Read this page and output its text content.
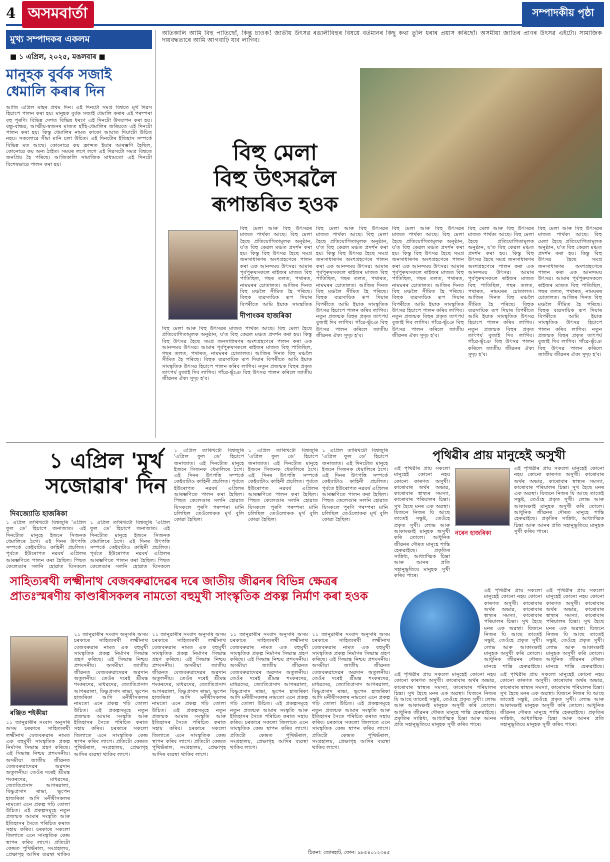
4 অসমবাৰ্তা	সম্পাদকীয় পৃষ্ঠা
মুখ্য সম্পাদকৰ একলম
■ ১ এপ্ৰিল, ২০২৫, মঙলবাৰ ■
মানুহক বুৰ্বক সজাই ধেমালি কৰাৰ দিন
আজি এপ্ৰিল মাহৰ প্ৰথম দিন। এই দিনটো সমগ্ৰ বিশ্বতে মূৰ্খ দিৱস হিচাপে পালন কৰা হয়। মানুহক বুৰ্বক সজাই ধেমালি কৰাৰ এই পৰম্পৰা বহু পুৰণি। বিভিন্ন দেশত বিভিন্ন ধৰণে এই দিনটো উদযাপন কৰা হয়। বন্ধু-বান্ধৱ, আত্মীয়-স্বজনৰ মাজত হাঁহি-ধেমালিৰ জৰিয়তে এই দিনটো পালন কৰা হয়। কিন্তু ধেমালিৰ নামত কাকো আঘাত দিয়াটো উচিত নহয়। সকলোৱে সীমা মানি চলা উচিত। এই দিনটোৰ ইতিহাস সম্পৰ্কে বিভিন্ন মত আছে। কোনোৱে কয় ফ্ৰান্সত ইয়াৰ আৰম্ভণি হৈছিল, কোনোৱে কয় অন্য ঠাইত। সময়ৰ লগে লগে এই দিৱসটো সমগ্ৰ বিশ্বতে জনপ্ৰিয় হৈ পৰিছে। আজিকালি সামাজিক মাধ্যমতো এই দিনটো বিশেষভাৱে পালন কৰা হয়।
অতিকালি আমি বিহু পাতিছোঁ, কিন্তু চাওক! জাতীয় উৎসৱ ৰঙালীবিহুৰ বিষয়ে বৰ্তমানৰ কিছু কথা তুলি ধৰাৰ প্ৰয়াস কৰিছোঁ। অসমীয়া জাতিৰ প্ৰাণৰ উৎসৱ এইটো। সামাজিক দায়বদ্ধতাৰে আমি আগবাঢ়ি যাব লাগিব।
বিহু মেলা
বিহু উৎসৱলৈ
ৰূপান্তৰিত হওক
দীপাংকৰ হাজৰিকা
বিহু মেলা আৰু বিহু উৎসৱৰ মাজত পাৰ্থক্য আছে। বিহু মেলা হৈছে প্ৰতিযোগিতামূলক অনুষ্ঠান, য'ত বিহু কেৱল মঞ্চত প্ৰদৰ্শন কৰা হয়। কিন্তু বিহু উৎসৱ হৈছে সমগ্ৰ জনসাধাৰণৰ অংশগ্ৰহণেৰে পালন কৰা এক আনন্দময় উৎসৱ। আমাৰ পূৰ্বপুৰুষসকলে ৰাইজৰ মাজত বিহু পাতিছিল, গছৰ তলত, পথাৰত, নামঘৰৰ চোতালত। আজিৰ দিনত বিহু মঞ্চলৈ সীমিত হৈ পৰিছে। বিহুক ব্যৱসায়িক ৰূপ দিয়াৰ বিপৰীতে আমি ইয়াক সাংস্কৃতিক
বিহু মেলা আৰু বিহু উৎসৱৰ মাজত পাৰ্থক্য আছে। বিহু মেলা হৈছে প্ৰতিযোগিতামূলক অনুষ্ঠান, য'ত বিহু কেৱল মঞ্চত প্ৰদৰ্শন কৰা হয়। কিন্তু বিহু উৎসৱ হৈছে সমগ্ৰ জনসাধাৰণৰ অংশগ্ৰহণেৰে পালন কৰা এক আনন্দময় উৎসৱ। আমাৰ পূৰ্বপুৰুষসকলে ৰাইজৰ মাজত বিহু পাতিছিল, গছৰ তলত, পথাৰত, নামঘৰৰ চোতালত। আজিৰ দিনত বিহু মঞ্চলৈ সীমিত হৈ পৰিছে। বিহুক ব্যৱসায়িক ৰূপ দিয়াৰ বিপৰীতে আমি ইয়াক সাংস্কৃতিক উৎসৱ হিচাপে পালন কৰিব লাগিব। নতুন প্ৰজন্মক বিহুৰ প্ৰকৃত তাৎপৰ্য বুজাই দিব লাগিব। গাঁৱে-ভূঁঞে বিহু উৎসৱ পালন কৰিলে জাতীয় জীৱনৰ ঐক্য সুদৃঢ় হ'ব।
বিহু মেলা আৰু বিহু উৎসৱৰ মাজত পাৰ্থক্য আছে। বিহু মেলা হৈছে প্ৰতিযোগিতামূলক অনুষ্ঠান, য'ত বিহু কেৱল মঞ্চত প্ৰদৰ্শন কৰা হয়। কিন্তু বিহু উৎসৱ হৈছে সমগ্ৰ জনসাধাৰণৰ অংশগ্ৰহণেৰে পালন কৰা এক আনন্দময় উৎসৱ। আমাৰ পূৰ্বপুৰুষসকলে ৰাইজৰ মাজত বিহু পাতিছিল, গছৰ তলত, পথাৰত, নামঘৰৰ চোতালত। আজিৰ দিনত বিহু মঞ্চলৈ সীমিত হৈ পৰিছে। বিহুক ব্যৱসায়িক ৰূপ দিয়াৰ বিপৰীতে আমি ইয়াক সাংস্কৃতিক উৎসৱ হিচাপে পালন কৰিব লাগিব। নতুন প্ৰজন্মক বিহুৰ প্ৰকৃত তাৎপৰ্য বুজাই দিব লাগিব। গাঁৱে-ভূঁঞে বিহু উৎসৱ পালন কৰিলে জাতীয় জীৱনৰ ঐক্য সুদৃঢ় হ'ব।
বিহু মেলা আৰু বিহু উৎসৱৰ মাজত পাৰ্থক্য আছে। বিহু মেলা হৈছে প্ৰতিযোগিতামূলক অনুষ্ঠান, য'ত বিহু কেৱল মঞ্চত প্ৰদৰ্শন কৰা হয়। কিন্তু বিহু উৎসৱ হৈছে সমগ্ৰ জনসাধাৰণৰ অংশগ্ৰহণেৰে পালন কৰা এক আনন্দময় উৎসৱ। আমাৰ পূৰ্বপুৰুষসকলে ৰাইজৰ মাজত বিহু পাতিছিল, গছৰ তলত, পথাৰত, নামঘৰৰ চোতালত। আজিৰ দিনত বিহু মঞ্চলৈ সীমিত হৈ পৰিছে। বিহুক ব্যৱসায়িক ৰূপ দিয়াৰ বিপৰীতে আমি ইয়াক সাংস্কৃতিক উৎসৱ হিচাপে পালন কৰিব লাগিব। নতুন প্ৰজন্মক বিহুৰ প্ৰকৃত তাৎপৰ্য বুজাই দিব লাগিব। গাঁৱে-ভূঁঞে বিহু উৎসৱ পালন কৰিলে জাতীয় জীৱনৰ ঐক্য সুদৃঢ় হ'ব।
বিহু মেলা আৰু বিহু উৎসৱৰ মাজত পাৰ্থক্য আছে। বিহু মেলা হৈছে প্ৰতিযোগিতামূলক অনুষ্ঠান, য'ত বিহু কেৱল মঞ্চত প্ৰদৰ্শন কৰা হয়। কিন্তু বিহু উৎসৱ হৈছে সমগ্ৰ জনসাধাৰণৰ অংশগ্ৰহণেৰে পালন কৰা এক আনন্দময় উৎসৱ। আমাৰ পূৰ্বপুৰুষসকলে ৰাইজৰ মাজত বিহু পাতিছিল, গছৰ তলত, পথাৰত, নামঘৰৰ চোতালত। আজিৰ দিনত বিহু মঞ্চলৈ সীমিত হৈ পৰিছে। বিহুক ব্যৱসায়িক ৰূপ দিয়াৰ বিপৰীতে আমি ইয়াক সাংস্কৃতিক উৎসৱ হিচাপে পালন কৰিব লাগিব। নতুন প্ৰজন্মক বিহুৰ প্ৰকৃত তাৎপৰ্য বুজাই দিব লাগিব। গাঁৱে-ভূঁঞে বিহু উৎসৱ পালন কৰিলে জাতীয় জীৱনৰ ঐক্য সুদৃঢ় হ'ব।
বিহু মেলা আৰু বিহু উৎসৱৰ মাজত পাৰ্থক্য আছে। বিহু মেলা হৈছে প্ৰতিযোগিতামূলক অনুষ্ঠান, য'ত বিহু কেৱল মঞ্চত প্ৰদৰ্শন কৰা হয়। কিন্তু বিহু উৎসৱ হৈছে সমগ্ৰ জনসাধাৰণৰ অংশগ্ৰহণেৰে পালন কৰা এক আনন্দময় উৎসৱ। আমাৰ পূৰ্বপুৰুষসকলে ৰাইজৰ মাজত বিহু পাতিছিল, গছৰ তলত, পথাৰত, নামঘৰৰ চোতালত। আজিৰ দিনত বিহু মঞ্চলৈ সীমিত হৈ পৰিছে। বিহুক ব্যৱসায়িক ৰূপ দিয়াৰ বিপৰীতে আমি ইয়াক সাংস্কৃতিক উৎসৱ হিচাপে পালন কৰিব লাগিব। নতুন প্ৰজন্মক বিহুৰ প্ৰকৃত তাৎপৰ্য বুজাই দিব লাগিব। গাঁৱে-ভূঁঞে বিহু উৎসৱ পালন কৰিলে জাতীয় জীৱনৰ ঐক্য সুদৃঢ় হ'ব।
১ এপ্ৰিল 'মূৰ্খ
সজোৱাৰ' দিন
দিবজ্যোতি হাজৰিকা
১ এপ্ৰিল তাৰিখটো বিশ্বজুৰি 'এপ্ৰিল ফুল ডে' হিচাপে জনাজাত। এই দিনটোত মানুহে ইজনে সিজনক ধেমালিৰে ঠগে। এই দিনৰ উৎপত্তি সম্পৰ্কে কেইবাটাও কাহিনী প্ৰচলিত। পূৰ্বতে ইউৰোপত নৱবৰ্ষ এপ্ৰিলৰ আৰম্ভণিতে পালন কৰা হৈছিল। পিছত কেলেণ্ডাৰ সলনি হোৱাত যিসকলে
১ এপ্ৰিল তাৰিখটো বিশ্বজুৰি 'এপ্ৰিল ফুল ডে' হিচাপে জনাজাত। এই দিনটোত মানুহে ইজনে সিজনক ধেমালিৰে ঠগে। এই দিনৰ উৎপত্তি সম্পৰ্কে কেইবাটাও কাহিনী প্ৰচলিত। পূৰ্বতে ইউৰোপত নৱবৰ্ষ এপ্ৰিলৰ আৰম্ভণিতে পালন কৰা হৈছিল। পিছত কেলেণ্ডাৰ সলনি হোৱাত যিসকলে
১ এপ্ৰিল তাৰিখটো বিশ্বজুৰি 'এপ্ৰিল ফুল ডে' হিচাপে জনাজাত। এই দিনটোত মানুহে ইজনে সিজনক ধেমালিৰে ঠগে। এই দিনৰ উৎপত্তি সম্পৰ্কে কেইবাটাও কাহিনী প্ৰচলিত। পূৰ্বতে ইউৰোপত নৱবৰ্ষ এপ্ৰিলৰ আৰম্ভণিতে পালন কৰা হৈছিল। পিছত কেলেণ্ডাৰ সলনি হোৱাত যিসকলে পুৰণি পৰম্পৰা মানি চলিছিল তেওঁলোকক মূৰ্খ বুলি কোৱা হৈছিল।
১ এপ্ৰিল তাৰিখটো বিশ্বজুৰি 'এপ্ৰিল ফুল ডে' হিচাপে জনাজাত। এই দিনটোত মানুহে ইজনে সিজনক ধেমালিৰে ঠগে। এই দিনৰ উৎপত্তি সম্পৰ্কে কেইবাটাও কাহিনী প্ৰচলিত। পূৰ্বতে ইউৰোপত নৱবৰ্ষ এপ্ৰিলৰ আৰম্ভণিতে পালন কৰা হৈছিল। পিছত কেলেণ্ডাৰ সলনি হোৱাত যিসকলে পুৰণি পৰম্পৰা মানি চলিছিল তেওঁলোকক মূৰ্খ বুলি কোৱা হৈছিল।
১ এপ্ৰিল তাৰিখটো বিশ্বজুৰি 'এপ্ৰিল ফুল ডে' হিচাপে জনাজাত। এই দিনটোত মানুহে ইজনে সিজনক ধেমালিৰে ঠগে। এই দিনৰ উৎপত্তি সম্পৰ্কে কেইবাটাও কাহিনী প্ৰচলিত। পূৰ্বতে ইউৰোপত নৱবৰ্ষ এপ্ৰিলৰ আৰম্ভণিতে পালন কৰা হৈছিল। পিছত কেলেণ্ডাৰ সলনি হোৱাত যিসকলে পুৰণি পৰম্পৰা মানি চলিছিল তেওঁলোকক মূৰ্খ বুলি কোৱা হৈছিল।
পৃথিৱীৰ প্ৰায় মানুহেই অসুখী
নৰেন হাজৰিকা
এই পৃথিৱীৰ প্ৰায় সকলো মানুহেই কোনো নহয় কোনো কাৰণত অসুখী। কাৰোবাৰ অৰ্থৰ অভাৱ, কাৰোবাৰ স্বাস্থ্যৰ সমস্যা, কাৰোবাৰ পৰিয়ালৰ চিন্তা। সুখ হৈছে মনৰ এক অৱস্থা। যিজনে নিজৰ যি আছে তাতেই সন্তুষ্ট, তেওঁহে প্ৰকৃত সুখী। লোভ আৰু আকাংক্ষাই মানুহক অসুখী কৰি তোলে। আধুনিক জীৱনৰ দৌৰত মানুহে শান্তি হেৰুৱাইছে। প্ৰকৃতিৰ সান্নিধ্য, আধ্যাত্মিক চিন্তা আৰু আনৰ প্ৰতি সহানুভূতিয়ে মানুহক সুখী কৰিব পাৰে।
এই পৃথিৱীৰ প্ৰায় সকলো মানুহেই কোনো নহয় কোনো কাৰণত অসুখী। কাৰোবাৰ অৰ্থৰ অভাৱ, কাৰোবাৰ স্বাস্থ্যৰ সমস্যা, কাৰোবাৰ পৰিয়ালৰ চিন্তা। সুখ হৈছে মনৰ এক অৱস্থা। যিজনে নিজৰ যি আছে তাতেই সন্তুষ্ট, তেওঁহে প্ৰকৃত সুখী। লোভ আৰু আকাংক্ষাই মানুহক অসুখী কৰি তোলে। আধুনিক জীৱনৰ দৌৰত মানুহে শান্তি হেৰুৱাইছে। প্ৰকৃতিৰ সান্নিধ্য, আধ্যাত্মিক চিন্তা আৰু আনৰ প্ৰতি সহানুভূতিয়ে মানুহক সুখী কৰিব পাৰে।
এই পৃথিৱীৰ প্ৰায় সকলো মানুহেই কোনো নহয় কোনো কাৰণত অসুখী। কাৰোবাৰ অৰ্থৰ অভাৱ, কাৰোবাৰ স্বাস্থ্যৰ সমস্যা, কাৰোবাৰ পৰিয়ালৰ চিন্তা। সুখ হৈছে মনৰ এক অৱস্থা। যিজনে নিজৰ যি আছে তাতেই সন্তুষ্ট, তেওঁহে প্ৰকৃত সুখী। লোভ আৰু আকাংক্ষাই মানুহক অসুখী কৰি তোলে। আধুনিক জীৱনৰ দৌৰত মানুহে শান্তি হেৰুৱাইছে।
এই পৃথিৱীৰ প্ৰায় সকলো মানুহেই কোনো নহয় কোনো কাৰণত অসুখী। কাৰোবাৰ অৰ্থৰ অভাৱ, কাৰোবাৰ স্বাস্থ্যৰ সমস্যা, কাৰোবাৰ পৰিয়ালৰ চিন্তা। সুখ হৈছে মনৰ এক অৱস্থা। যিজনে নিজৰ যি আছে তাতেই সন্তুষ্ট, তেওঁহে প্ৰকৃত সুখী। লোভ আৰু আকাংক্ষাই মানুহক অসুখী কৰি তোলে। আধুনিক জীৱনৰ দৌৰত মানুহে শান্তি হেৰুৱাইছে।
এই পৃথিৱীৰ প্ৰায় সকলো মানুহেই কোনো নহয় কোনো কাৰণত অসুখী। কাৰোবাৰ অৰ্থৰ অভাৱ, কাৰোবাৰ স্বাস্থ্যৰ সমস্যা, কাৰোবাৰ পৰিয়ালৰ চিন্তা। সুখ হৈছে মনৰ এক অৱস্থা। যিজনে নিজৰ যি আছে তাতেই সন্তুষ্ট, তেওঁহে প্ৰকৃত সুখী। লোভ আৰু আকাংক্ষাই মানুহক অসুখী কৰি তোলে। আধুনিক জীৱনৰ দৌৰত মানুহে শান্তি হেৰুৱাইছে। প্ৰকৃতিৰ সান্নিধ্য, আধ্যাত্মিক চিন্তা আৰু আনৰ প্ৰতি সহানুভূতিয়ে মানুহক সুখী কৰিব পাৰে।
এই পৃথিৱীৰ প্ৰায় সকলো মানুহেই কোনো নহয় কোনো কাৰণত অসুখী। কাৰোবাৰ অৰ্থৰ অভাৱ, কাৰোবাৰ স্বাস্থ্যৰ সমস্যা, কাৰোবাৰ পৰিয়ালৰ চিন্তা। সুখ হৈছে মনৰ এক অৱস্থা। যিজনে নিজৰ যি আছে তাতেই সন্তুষ্ট, তেওঁহে প্ৰকৃত সুখী। লোভ আৰু আকাংক্ষাই মানুহক অসুখী কৰি তোলে। আধুনিক জীৱনৰ দৌৰত মানুহে শান্তি হেৰুৱাইছে। প্ৰকৃতিৰ সান্নিধ্য, আধ্যাত্মিক চিন্তা আৰু আনৰ প্ৰতি সহানুভূতিয়ে মানুহক সুখী কৰিব পাৰে।
সাহিত্যৰথী লক্ষ্মীনাথ বেজবৰুৱাদেৱৰ দৰে জাতীয় জীৱনৰ বিভিন্ন ক্ষেত্ৰৰ প্ৰাতঃস্মৰণীয় কাণ্ডাৰীসকলৰ নামতো বহুমুখী সাংস্কৃতিক প্ৰকল্প নিৰ্মাণ কৰা হওক
ৰঞ্জিত শইকীয়া
১১ জানুৱাৰীৰ সংবাদ অনুসৰি অসম চৰকাৰে সাহিত্যৰথী লক্ষ্মীনাথ বেজবৰুৱাৰ নামত এক বহুমুখী সাংস্কৃতিক প্ৰকল্প নিৰ্মাণৰ সিদ্ধান্ত গ্ৰহণ কৰিছে। এই সিদ্ধান্ত নিশ্চয় প্ৰশংসনীয়। অসমীয়া জাতীয় জীৱনত বেজবৰুৱাদেৱৰ অৱদান অতুলনীয়। তেওঁৰ দৰেই শ্ৰীমন্ত শংকৰদেৱ, মাধৱদেৱ, জ্যোতিপ্ৰসাদ আগৰৱালা, বিষ্ণুপ্ৰসাদ ৰাভা, ভূপেন হাজৰিকা আদি মনীষীসকলৰ নামতো এনে প্ৰকল্প গঢ়ি তোলা উচিত। এই প্ৰকল্পসমূহে নতুন প্ৰজন্মক আমাৰ সংস্কৃতি আৰু ইতিহাসৰ সৈতে পৰিচিত কৰাত সহায় কৰিব। চৰকাৰে সকলো জিলাতে এনে সাংস্কৃতিক কেন্দ্ৰ স্থাপন কৰিব লাগে। প্ৰতিটো কেন্দ্ৰত পুথিভঁৰাল, সংগ্ৰহালয়, প্ৰেক্ষাগৃহ আদিৰ ব্যৱস্থা থাকিব
১১ জানুৱাৰীৰ সংবাদ অনুসৰি অসম চৰকাৰে সাহিত্যৰথী লক্ষ্মীনাথ বেজবৰুৱাৰ নামত এক বহুমুখী সাংস্কৃতিক প্ৰকল্প নিৰ্মাণৰ সিদ্ধান্ত গ্ৰহণ কৰিছে। এই সিদ্ধান্ত নিশ্চয় প্ৰশংসনীয়। অসমীয়া জাতীয় জীৱনত বেজবৰুৱাদেৱৰ অৱদান অতুলনীয়। তেওঁৰ দৰেই শ্ৰীমন্ত শংকৰদেৱ, মাধৱদেৱ, জ্যোতিপ্ৰসাদ আগৰৱালা, বিষ্ণুপ্ৰসাদ ৰাভা, ভূপেন হাজৰিকা আদি মনীষীসকলৰ নামতো এনে প্ৰকল্প গঢ়ি তোলা উচিত। এই প্ৰকল্পসমূহে নতুন প্ৰজন্মক আমাৰ সংস্কৃতি আৰু ইতিহাসৰ সৈতে পৰিচিত কৰাত সহায় কৰিব। চৰকাৰে সকলো জিলাতে এনে সাংস্কৃতিক কেন্দ্ৰ স্থাপন কৰিব লাগে। প্ৰতিটো কেন্দ্ৰত পুথিভঁৰাল, সংগ্ৰহালয়, প্ৰেক্ষাগৃহ আদিৰ ব্যৱস্থা থাকিব লাগে।
১১ জানুৱাৰীৰ সংবাদ অনুসৰি অসম চৰকাৰে সাহিত্যৰথী লক্ষ্মীনাথ বেজবৰুৱাৰ নামত এক বহুমুখী সাংস্কৃতিক প্ৰকল্প নিৰ্মাণৰ সিদ্ধান্ত গ্ৰহণ কৰিছে। এই সিদ্ধান্ত নিশ্চয় প্ৰশংসনীয়। অসমীয়া জাতীয় জীৱনত বেজবৰুৱাদেৱৰ অৱদান অতুলনীয়। তেওঁৰ দৰেই শ্ৰীমন্ত শংকৰদেৱ, মাধৱদেৱ, জ্যোতিপ্ৰসাদ আগৰৱালা, বিষ্ণুপ্ৰসাদ ৰাভা, ভূপেন হাজৰিকা আদি মনীষীসকলৰ নামতো এনে প্ৰকল্প গঢ়ি তোলা উচিত। এই প্ৰকল্পসমূহে নতুন প্ৰজন্মক আমাৰ সংস্কৃতি আৰু ইতিহাসৰ সৈতে পৰিচিত কৰাত সহায় কৰিব। চৰকাৰে সকলো জিলাতে এনে সাংস্কৃতিক কেন্দ্ৰ স্থাপন কৰিব লাগে। প্ৰতিটো কেন্দ্ৰত পুথিভঁৰাল, সংগ্ৰহালয়, প্ৰেক্ষাগৃহ আদিৰ ব্যৱস্থা থাকিব লাগে।
১১ জানুৱাৰীৰ সংবাদ অনুসৰি অসম চৰকাৰে সাহিত্যৰথী লক্ষ্মীনাথ বেজবৰুৱাৰ নামত এক বহুমুখী সাংস্কৃতিক প্ৰকল্প নিৰ্মাণৰ সিদ্ধান্ত গ্ৰহণ কৰিছে। এই সিদ্ধান্ত নিশ্চয় প্ৰশংসনীয়। অসমীয়া জাতীয় জীৱনত বেজবৰুৱাদেৱৰ অৱদান অতুলনীয়। তেওঁৰ দৰেই শ্ৰীমন্ত শংকৰদেৱ, মাধৱদেৱ, জ্যোতিপ্ৰসাদ আগৰৱালা, বিষ্ণুপ্ৰসাদ ৰাভা, ভূপেন হাজৰিকা আদি মনীষীসকলৰ নামতো এনে প্ৰকল্প গঢ়ি তোলা উচিত। এই প্ৰকল্পসমূহে নতুন প্ৰজন্মক আমাৰ সংস্কৃতি আৰু ইতিহাসৰ সৈতে পৰিচিত কৰাত সহায় কৰিব। চৰকাৰে সকলো জিলাতে এনে সাংস্কৃতিক কেন্দ্ৰ স্থাপন কৰিব লাগে। প্ৰতিটো কেন্দ্ৰত পুথিভঁৰাল, সংগ্ৰহালয়, প্ৰেক্ষাগৃহ আদিৰ ব্যৱস্থা থাকিব লাগে।
১১ জানুৱাৰীৰ সংবাদ অনুসৰি অসম চৰকাৰে সাহিত্যৰথী লক্ষ্মীনাথ বেজবৰুৱাৰ নামত এক বহুমুখী সাংস্কৃতিক প্ৰকল্প নিৰ্মাণৰ সিদ্ধান্ত গ্ৰহণ কৰিছে। এই সিদ্ধান্ত নিশ্চয় প্ৰশংসনীয়। অসমীয়া জাতীয় জীৱনত বেজবৰুৱাদেৱৰ অৱদান অতুলনীয়। তেওঁৰ দৰেই শ্ৰীমন্ত শংকৰদেৱ, মাধৱদেৱ, জ্যোতিপ্ৰসাদ আগৰৱালা, বিষ্ণুপ্ৰসাদ ৰাভা, ভূপেন হাজৰিকা আদি মনীষীসকলৰ নামতো এনে প্ৰকল্প গঢ়ি তোলা উচিত। এই প্ৰকল্পসমূহে নতুন প্ৰজন্মক আমাৰ সংস্কৃতি আৰু ইতিহাসৰ সৈতে পৰিচিত কৰাত সহায় কৰিব। চৰকাৰে সকলো জিলাতে এনে সাংস্কৃতিক কেন্দ্ৰ স্থাপন কৰিব লাগে। প্ৰতিটো কেন্দ্ৰত পুথিভঁৰাল, সংগ্ৰহালয়, প্ৰেক্ষাগৃহ আদিৰ ব্যৱস্থা থাকিব লাগে।
ঠিকনা: জোৰহাট, ফোন: ৯৮৫৪০১২৩৪৫
